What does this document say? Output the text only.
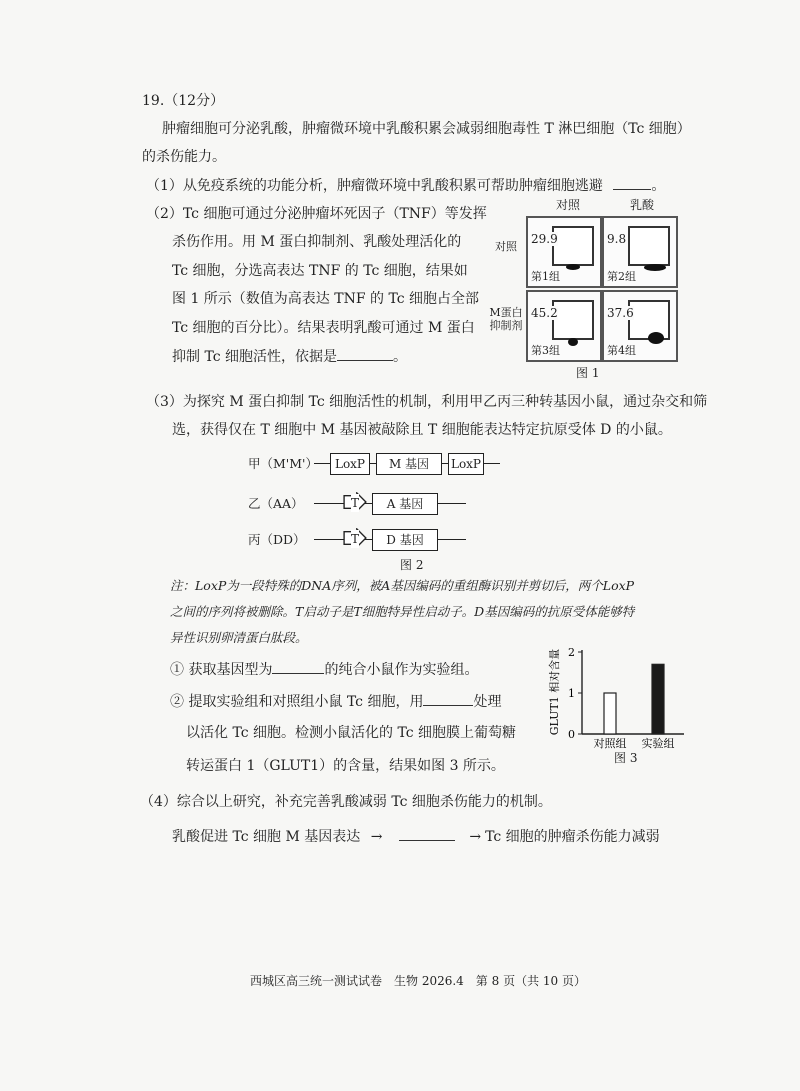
19.（12分）
肿瘤细胞可分泌乳酸，肿瘤微环境中乳酸积累会减弱细胞毒性 T 淋巴细胞（Tc 细胞）
的杀伤能力。
（1）从免疫系统的功能分析，肿瘤微环境中乳酸积累可帮助肿瘤细胞逃避	。
（2）Tc 细胞可通过分泌肿瘤坏死因子（TNF）等发挥
杀伤作用。用 M 蛋白抑制剂、乳酸处理活化的
Tc 细胞，分选高表达 TNF 的 Tc 细胞，结果如
图 1 所示（数值为高表达 TNF 的 Tc 细胞占全部
Tc 细胞的百分比）。结果表明乳酸可通过 M 蛋白
抑制 Tc 细胞活性，依据是	。
对照	乳酸
对照
M蛋白
抑制剂
29.9
第1组
9.8
第2组
45.2
第3组
37.6
第4组
图 1
（3）为探究 M 蛋白抑制 Tc 细胞活性的机制，利用甲乙丙三种转基因小鼠，通过杂交和筛
选，获得仅在 T 细胞中 M 基因被敲除且 T 细胞能表达特定抗原受体 D 的小鼠。
甲（M'M'）	LoxP	M 基因	LoxP
乙（AA）	T	A 基因
丙（DD）	T	D 基因
图 2
注：LoxP为一段特殊的DNA序列，被A基因编码的重组酶识别并剪切后，两个LoxP
之间的序列将被删除。T启动子是T细胞特异性启动子。D基因编码的抗原受体能够特
异性识别卵清蛋白肽段。
① 获取基因型为	的纯合小鼠作为实验组。
② 提取实验组和对照组小鼠 Tc 细胞，用	处理
以活化 Tc 细胞。检测小鼠活化的 Tc 细胞膜上葡萄糖
转运蛋白 1（GLUT1）的含量，结果如图 3 所示。
GLUT1 相对含量 0
1
2
对照组 实验组
图 3
（4）综合以上研究，补充完善乳酸减弱 Tc 细胞杀伤能力的机制。
乳酸促进 Tc 细胞 M 基因表达 →	→ Tc 细胞的肿瘤杀伤能力减弱
西城区高三统一测试试卷　生物 2026.4　第 8 页（共 10 页）
